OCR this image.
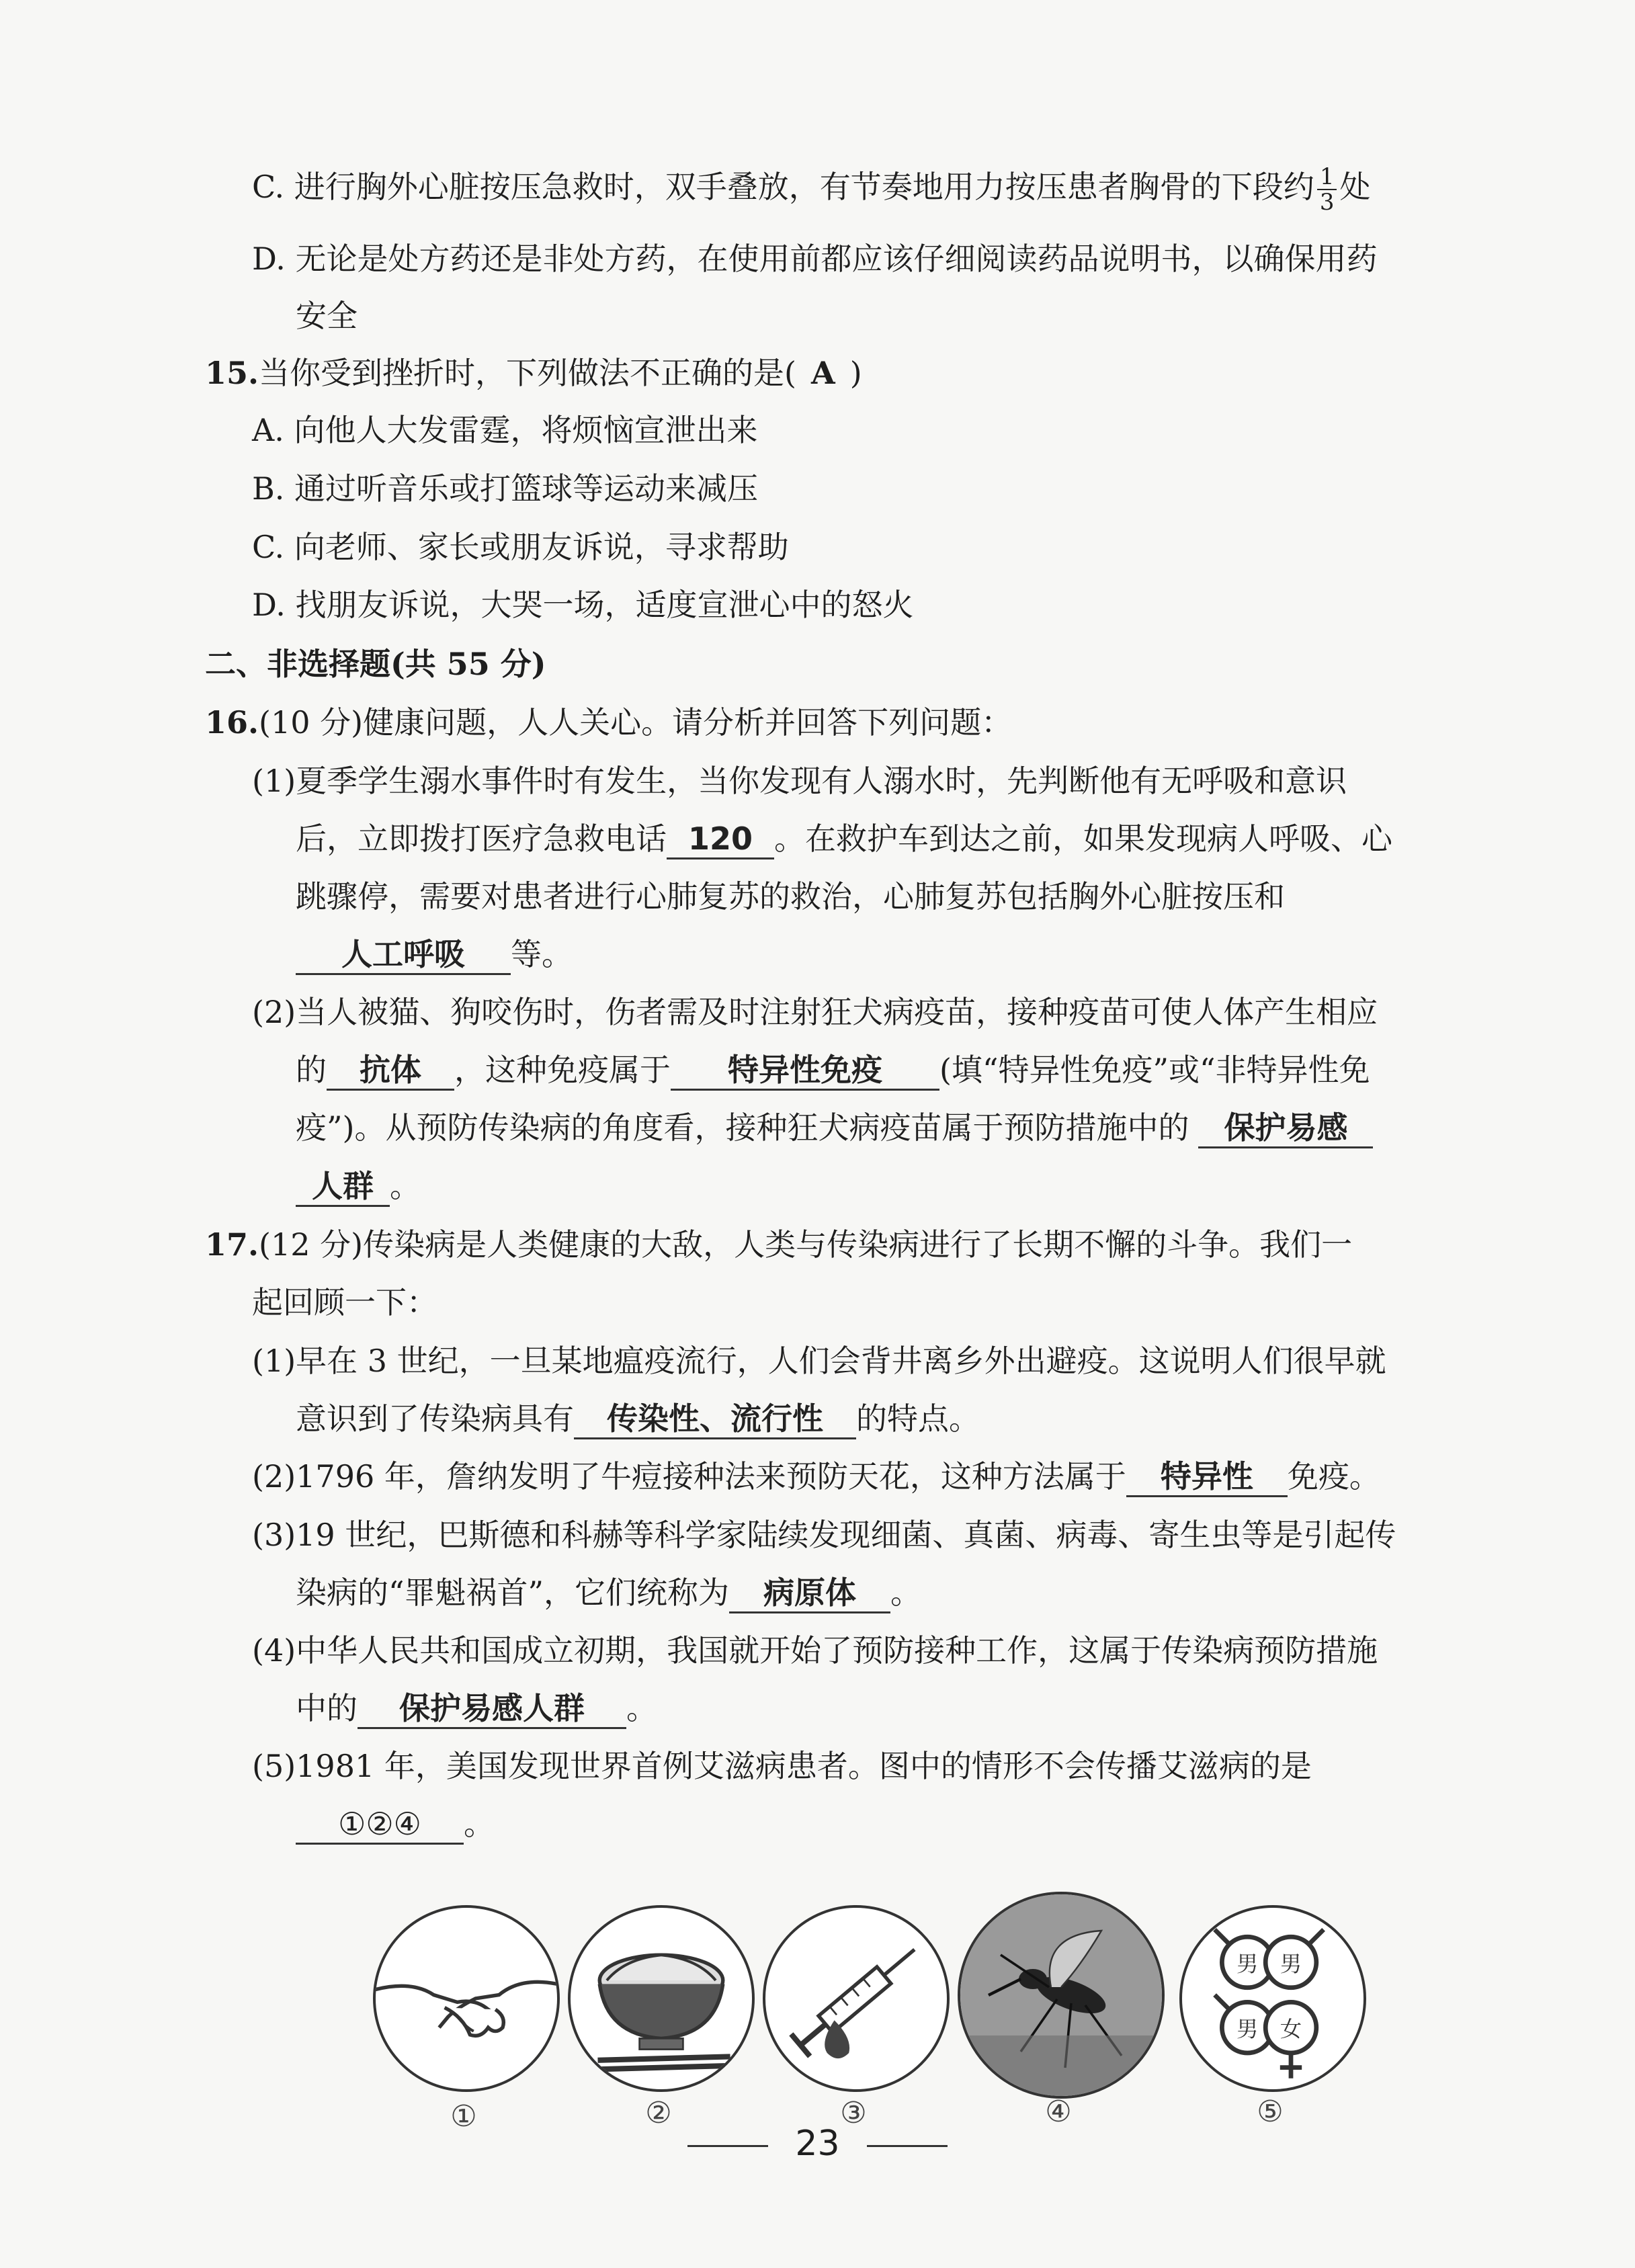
C. 进行胸外心脏按压急救时，双手叠放，有节奏地用力按压患者胸骨的下段约 $\frac{1}{3}$ 处
D. 无论是处方药还是非处方药，在使用前都应该仔细阅读药品说明书，以确保用药
安全
15.当你受到挫折时，下列做法不正确的是( A )
A. 向他人大发雷霆，将烦恼宣泄出来
B. 通过听音乐或打篮球等运动来减压
C. 向老师、家长或朋友诉说，寻求帮助
D. 找朋友诉说，大哭一场，适度宣泄心中的怒火
二、非选择题(共 55 分)
16.(10 分)健康问题，人人关心。请分析并回答下列问题：
(1)夏季学生溺水事件时有发生，当你发现有人溺水时，先判断他有无呼吸和意识
后，立即拨打医疗急救电话 120 。在救护车到达之前，如果发现病人呼吸、心
跳骤停，需要对患者进行心肺复苏的救治，心肺复苏包括胸外心脏按压和
人工呼吸 等。
(2)当人被猫、狗咬伤时，伤者需及时注射狂犬病疫苗，接种疫苗可使人体产生相应
的 抗体 ，这种免疫属于 特异性免疫 (填“特异性免疫”或“非特异性免
疫”)。从预防传染病的角度看，接种狂犬病疫苗属于预防措施中的 保护易感
人群 。
17.(12 分)传染病是人类健康的大敌，人类与传染病进行了长期不懈的斗争。我们一
起回顾一下：
(1)早在 3 世纪，一旦某地瘟疫流行，人们会背井离乡外出避疫。这说明人们很早就
意识到了传染病具有 传染性、流行性 的特点。
(2)1796 年，詹纳发明了牛痘接种法来预防天花，这种方法属于 特异性 免疫。
(3)19 世纪，巴斯德和科赫等科学家陆续发现细菌、真菌、病毒、寄生虫等是引起传
染病的“罪魁祸首”，它们统称为 病原体 。
(4)中华人民共和国成立初期，我国就开始了预防接种工作，这属于传染病预防措施
中的 保护易感人群 。
(5)1981 年，美国发现世界首例艾滋病患者。图中的情形不会传播艾滋病的是
①②④ 。
男	男
男	女
①	②	③	④	⑤
23
